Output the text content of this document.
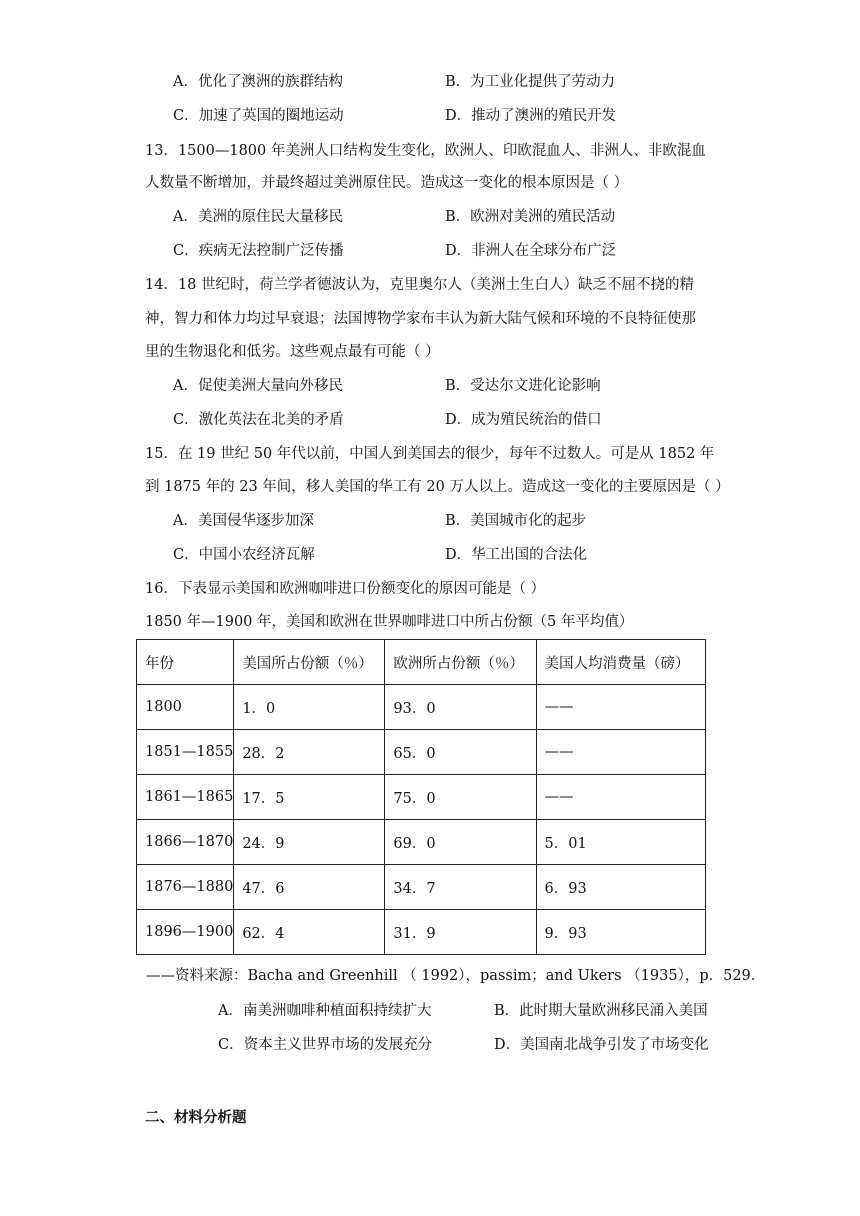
A．优化了澳洲的族群结构	B．为工业化提供了劳动力
C．加速了英国的圈地运动	D．推动了澳洲的殖民开发
13．1500—1800 年美洲人口结构发生变化，欧洲人、印欧混血人、非洲人、非欧混血
人数量不断增加，并最终超过美洲原住民。造成这一变化的根本原因是（ ）
A．美洲的原住民大量移民	B．欧洲对美洲的殖民活动
C．疾病无法控制广泛传播	D．非洲人在全球分布广泛
14．18 世纪时，荷兰学者德波认为，克里奥尔人（美洲土生白人）缺乏不屈不挠的精
神，智力和体力均过早衰退；法国博物学家布丰认为新大陆气候和环境的不良特征使那
里的生物退化和低劣。这些观点最有可能（ ）
A．促使美洲大量向外移民	B．受达尔文进化论影响
C．激化英法在北美的矛盾	D．成为殖民统治的借口
15．在 19 世纪 50 年代以前，中国人到美国去的很少，每年不过数人。可是从 1852 年
到 1875 年的 23 年间，移人美国的华工有 20 万人以上。造成这一变化的主要原因是（ ）
A．美国侵华逐步加深	B．美国城市化的起步
C．中国小农经济瓦解	D．华工出国的合法化
16．下表显示美国和欧洲咖啡进口份额变化的原因可能是（ ）
1850 年—1900 年，美国和欧洲在世界咖啡进口中所占份额（5 年平均值）
年份	美国所占份额（％）	欧洲所占份额（％）	美国人均消费量（磅）
1800	1．0	93．0	——
1851—1855	28．2	65．0	——
1861—1865	17．5	75．0	——
1866—1870	24．9	69．0	5．01
1876—1880	47．6	34．7	6．93
1896—1900	62．4	31．9	9．93
——资料来源：Bacha and Greenhill （ 1992），passim；and Ukers （1935），p．529．
A．南美洲咖啡种植面积持续扩大	B．此时期大量欧洲移民涌入美国
C．资本主义世界市场的发展充分	D．美国南北战争引发了市场变化
二、材料分析题
